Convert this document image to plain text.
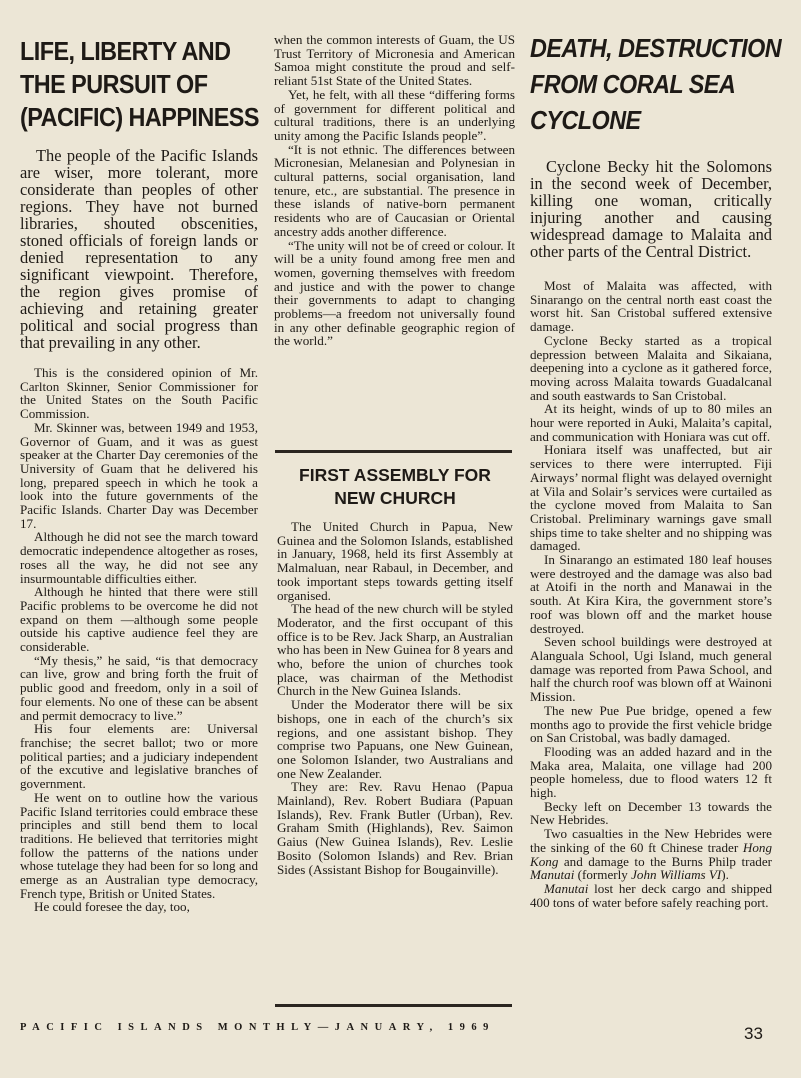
LIFE, LIBERTY AND
THE PURSUIT OF
(PACIFIC) HAPPINESS

The people of the Pacific Islands are wiser, more tolerant, more considerate than peoples of other regions. They have not burned libraries, shouted obscenities, stoned officials of foreign lands or denied representation to any significant viewpoint. Therefore, the region gives promise of achieving and retaining greater political and social progress than that prevailing in any other.

This is the considered opinion of Mr. Carlton Skinner, Senior Commissioner for the United States on the South Pacific Commission.

Mr. Skinner was, between 1949 and 1953, Governor of Guam, and it was as guest speaker at the Charter Day ceremonies of the University of Guam that he delivered his long, prepared speech in which he took a look into the future governments of the Pacific Islands. Charter Day was December 17.

Although he did not see the march toward democratic independence altogether as roses, roses all the way, he did not see any insurmountable difficulties either.

Although he hinted that there were still Pacific problems to be overcome he did not expand on them —although some people outside his captive audience feel they are considerable.

“My thesis,” he said, “is that democracy can live, grow and bring forth the fruit of public good and freedom, only in a soil of four elements. No one of these can be absent and permit democracy to live.”

His four elements are: Universal franchise; the secret ballot; two or more political parties; and a judiciary independent of the excutive and legislative branches of government.

He went on to outline how the various Pacific Island territories could embrace these principles and still bend them to local traditions. He believed that territories might follow the patterns of the nations under whose tutelage they had been for so long and emerge as an Australian type democracy, French type, British or United States.

He could foresee the day, too,

when the common interests of Guam, the US Trust Territory of Micronesia and American Samoa might constitute the proud and self-reliant 51st State of the United States.

Yet, he felt, with all these “differing forms of government for different political and cultural traditions, there is an underlying unity among the Pacific Islands people”.

“It is not ethnic. The differences between Micronesian, Melanesian and Polynesian in cultural patterns, social organisation, land tenure, etc., are substantial. The presence in these islands of native-born permanent residents who are of Caucasian or Oriental ancestry adds another difference.

“The unity will not be of creed or colour. It will be a unity found among free men and women, governing themselves with freedom and justice and with the power to change their governments to adapt to changing problems—a freedom not universally found in any other definable geographic region of the world.”

FIRST ASSEMBLY FOR
NEW CHURCH

The United Church in Papua, New Guinea and the Solomon Islands, established in January, 1968, held its first Assembly at Malmaluan, near Rabaul, in December, and took important steps towards getting itself organised.

The head of the new church will be styled Moderator, and the first occupant of this office is to be Rev. Jack Sharp, an Australian who has been in New Guinea for 8 years and who, before the union of churches took place, was chairman of the Methodist Church in the New Guinea Islands.

Under the Moderator there will be six bishops, one in each of the church’s six regions, and one assistant bishop. They comprise two Papuans, one New Guinean, one Solomon Islander, two Australians and one New Zealander.

They are: Rev. Ravu Henao (Papua Mainland), Rev. Robert Budiara (Papuan Islands), Rev. Frank Butler (Urban), Rev. Graham Smith (Highlands), Rev. Saimon Gaius (New Guinea Islands), Rev. Leslie Bosito (Solomon Islands) and Rev. Brian Sides (Assistant Bishop for Bougainville).

DEATH, DESTRUCTION
FROM CORAL SEA
CYCLONE

Cyclone Becky hit the Solomons in the second week of December, killing one woman, critically injuring another and causing widespread damage to Malaita and other parts of the Central District.

Most of Malaita was affected, with Sinarango on the central north east coast the worst hit. San Cristobal suffered extensive damage.

Cyclone Becky started as a tropical depression between Malaita and Sikaiana, deepening into a cyclone as it gathered force, moving across Malaita towards Guadalcanal and south eastwards to San Cristobal.

At its height, winds of up to 80 miles an hour were reported in Auki, Malaita’s capital, and communication with Honiara was cut off.

Honiara itself was unaffected, but air services to there were interrupted. Fiji Airways’ normal flight was delayed overnight at Vila and Solair’s services were curtailed as the cyclone moved from Malaita to San Cristobal. Preliminary warnings gave small ships time to take shelter and no shipping was damaged.

In Sinarango an estimated 180 leaf houses were destroyed and the damage was also bad at Atoifi in the north and Manawai in the south. At Kira Kira, the government store’s roof was blown off and the market house destroyed.

Seven school buildings were destroyed at Alanguala School, Ugi Island, much general damage was reported from Pawa School, and half the church roof was blown off at Wainoni Mission.

The new Pue Pue bridge, opened a few months ago to provide the first vehicle bridge on San Cristobal, was badly damaged.

Flooding was an added hazard and in the Maka area, Malaita, one village had 200 people homeless, due to flood waters 12 ft high.

Becky left on December 13 towards the New Hebrides.

Two casualties in the New Hebrides were the sinking of the 60 ft Chinese trader Hong Kong and damage to the Burns Philp trader Manutai (formerly John Williams VI).

Manutai lost her deck cargo and shipped 400 tons of water before safely reaching port.

PACIFIC ISLANDS MONTHLY—JANUARY, 1969	33
